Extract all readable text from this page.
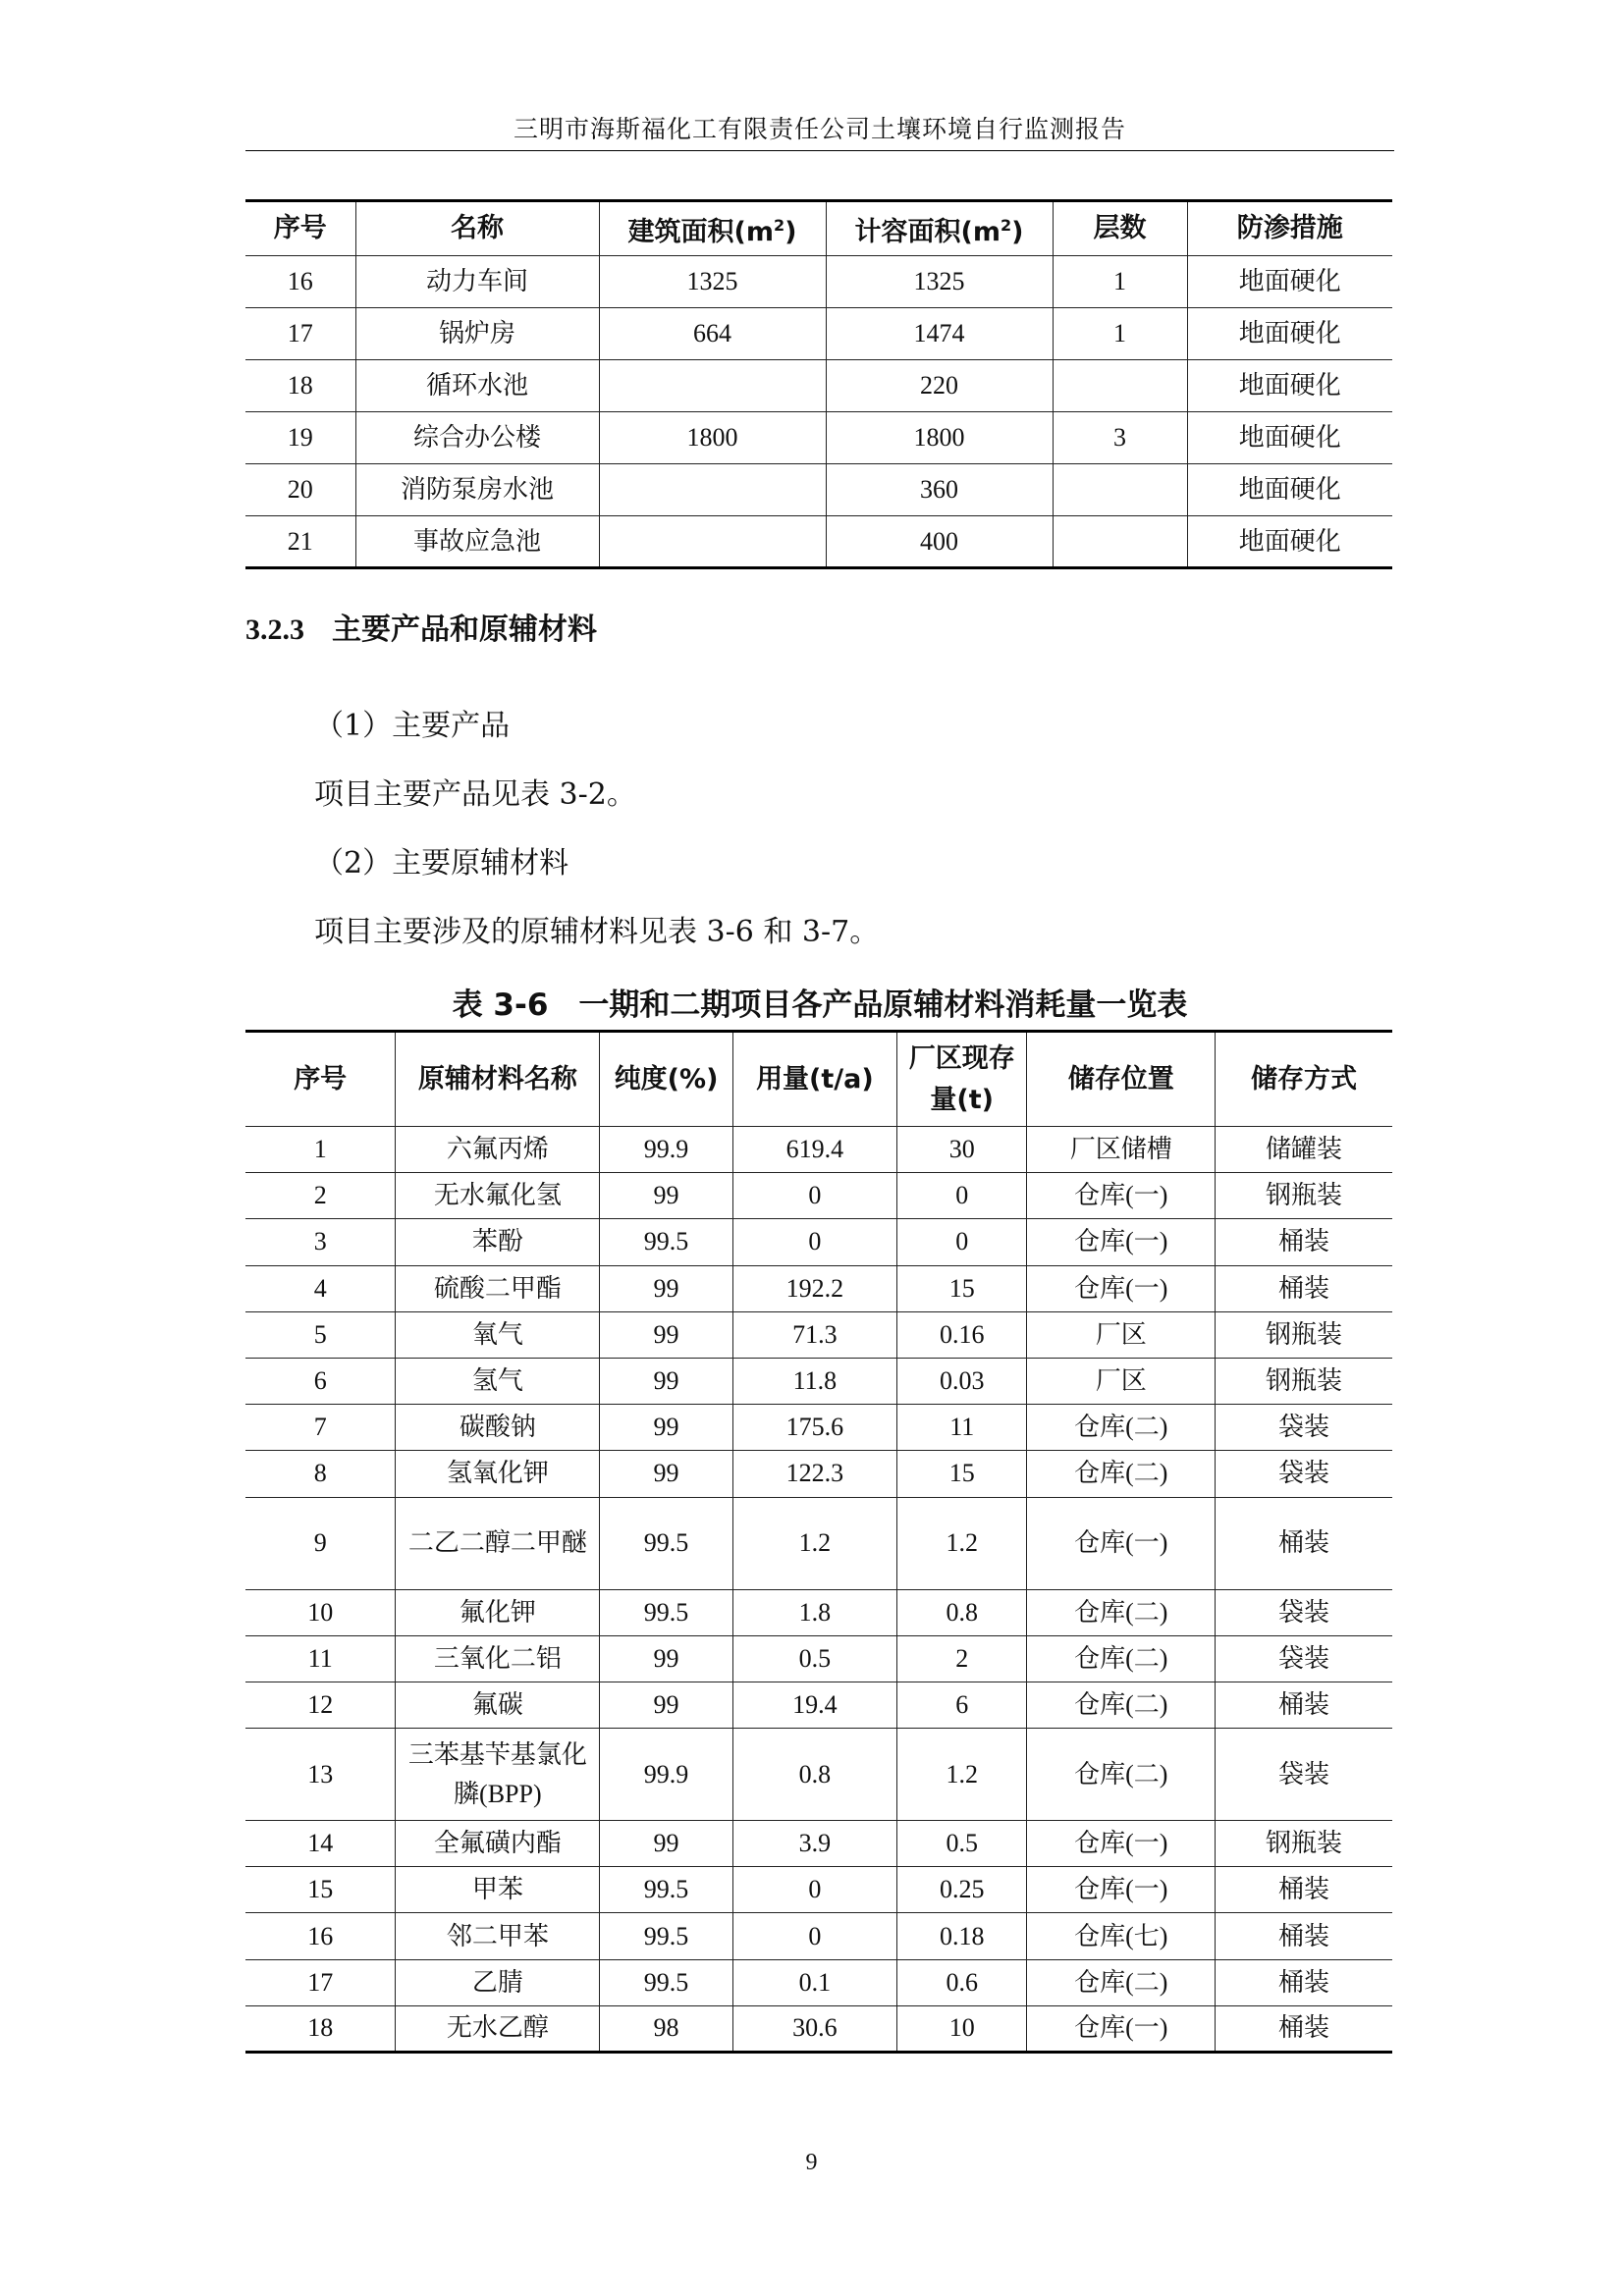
三明市海斯福化工有限责任公司土壤环境自行监测报告
序号	名称	建筑面积$(m^2)$	计容面积$(m^2)$	层数	防渗措施
16	动力车间	1325	1325	1	地面硬化
17	锅炉房	664	1474	1	地面硬化
18	循环水池		220		地面硬化
19	综合办公楼	1800	1800	3	地面硬化
20	消防泵房水池		360		地面硬化
21	事故应急池		400		地面硬化
3.2.3 主要产品和原辅材料
（1）主要产品
项目主要产品见表 3-2。
（2）主要原辅材料
项目主要涉及的原辅材料见表 3-6 和 3-7。
表 3-6　一期和二期项目各产品原辅材料消耗量一览表
序号	原辅材料名称	纯度(%)	用量(t/a)	厂区现存量(t)	储存位置	储存方式
1	六氟丙烯	99.9	619.4	30	厂区储槽	储罐装
2	无水氟化氢	99	0	0	仓库(一)	钢瓶装
3	苯酚	99.5	0	0	仓库(一)	桶装
4	硫酸二甲酯	99	192.2	15	仓库(一)	桶装
5	氧气	99	71.3	0.16	厂区	钢瓶装
6	氢气	99	11.8	0.03	厂区	钢瓶装
7	碳酸钠	99	175.6	11	仓库(二)	袋装
8	氢氧化钾	99	122.3	15	仓库(二)	袋装
9	二乙二醇二甲醚	99.5	1.2	1.2	仓库(一)	桶装
10	氟化钾	99.5	1.8	0.8	仓库(二)	袋装
11	三氧化二铝	99	0.5	2	仓库(二)	袋装
12	氟碳	99	19.4	6	仓库(二)	桶装
13	三苯基苄基氯化膦(BPP)	99.9	0.8	1.2	仓库(二)	袋装
14	全氟磺内酯	99	3.9	0.5	仓库(一)	钢瓶装
15	甲苯	99.5	0	0.25	仓库(一)	桶装
16	邻二甲苯	99.5	0	0.18	仓库(七)	桶装
17	乙腈	99.5	0.1	0.6	仓库(二)	桶装
18	无水乙醇	98	30.6	10	仓库(一)	桶装
9
